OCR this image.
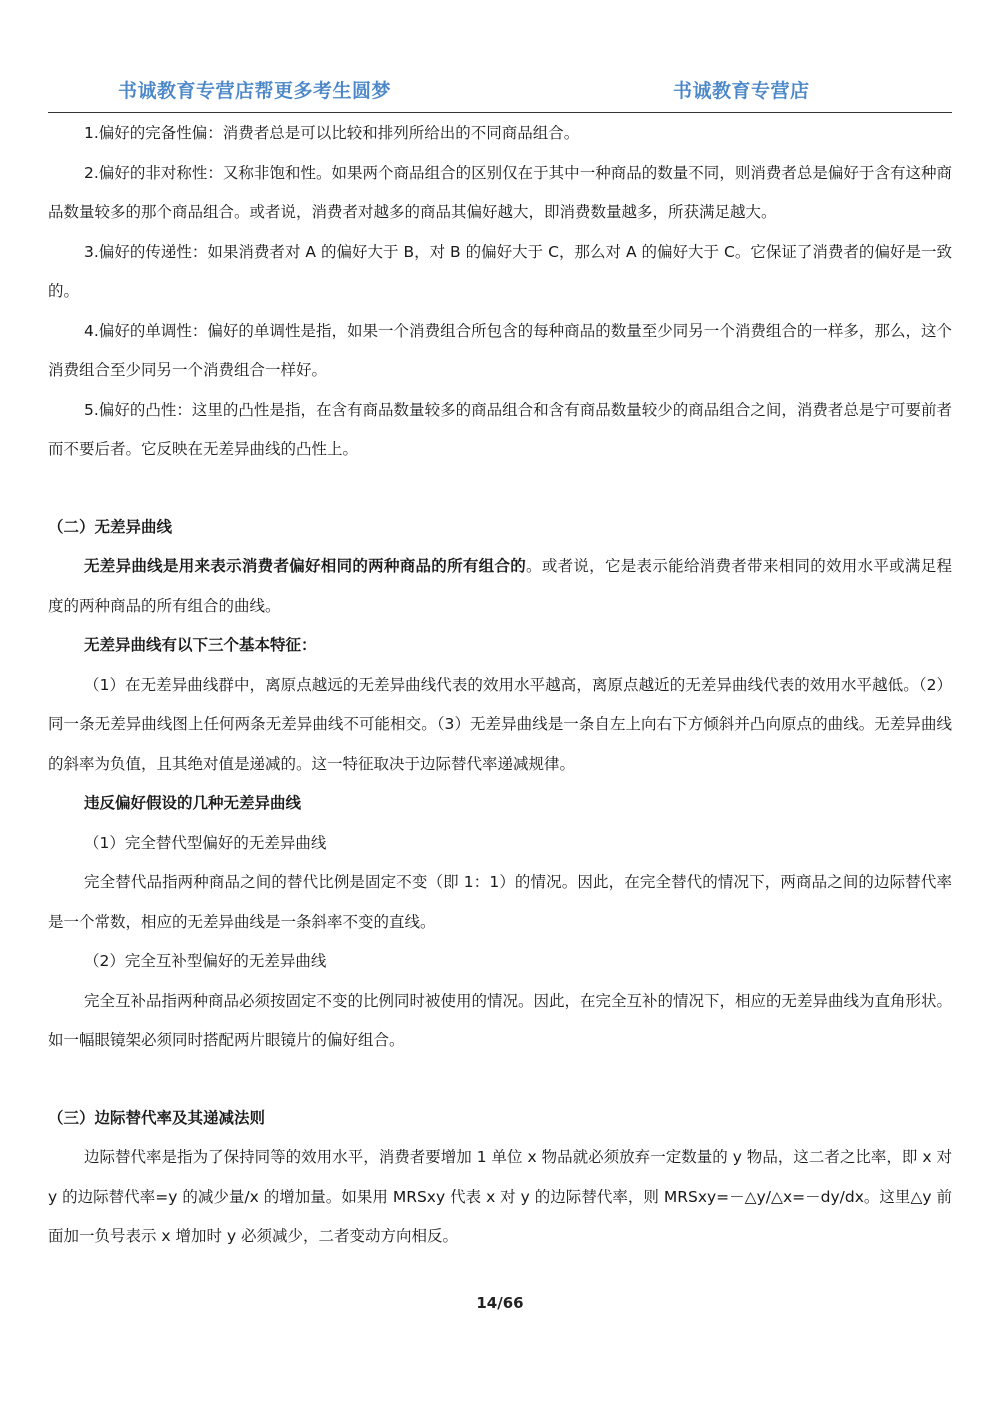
书诚教育专营店帮更多考生圆梦	书诚教育专营店

1.偏好的完备性偏：消费者总是可以比较和排列所给出的不同商品组合。

2.偏好的非对称性：又称非饱和性。如果两个商品组合的区别仅在于其中一种商品的数量不同，则消费者总是偏好于含有这种商品数量较多的那个商品组合。或者说，消费者对越多的商品其偏好越大，即消费数量越多，所获满足越大。

3.偏好的传递性：如果消费者对 A 的偏好大于 B，对 B 的偏好大于 C，那么对 A 的偏好大于 C。它保证了消费者的偏好是一致的。

4.偏好的单调性：偏好的单调性是指，如果一个消费组合所包含的每种商品的数量至少同另一个消费组合的一样多，那么，这个消费组合至少同另一个消费组合一样好。

5.偏好的凸性：这里的凸性是指，在含有商品数量较多的商品组合和含有商品数量较少的商品组合之间，消费者总是宁可要前者而不要后者。它反映在无差异曲线的凸性上。

（二）无差异曲线

无差异曲线是用来表示消费者偏好相同的两种商品的所有组合的。或者说，它是表示能给消费者带来相同的效用水平或满足程度的两种商品的所有组合的曲线。

无差异曲线有以下三个基本特征：

（1）在无差异曲线群中，离原点越远的无差异曲线代表的效用水平越高，离原点越近的无差异曲线代表的效用水平越低。（2）同一条无差异曲线图上任何两条无差异曲线不可能相交。（3）无差异曲线是一条自左上向右下方倾斜并凸向原点的曲线。无差异曲线的斜率为负值，且其绝对值是递减的。这一特征取决于边际替代率递减规律。

违反偏好假设的几种无差异曲线

（1）完全替代型偏好的无差异曲线

完全替代品指两种商品之间的替代比例是固定不变（即 1：1）的情况。因此，在完全替代的情况下，两商品之间的边际替代率是一个常数，相应的无差异曲线是一条斜率不变的直线。

（2）完全互补型偏好的无差异曲线

完全互补品指两种商品必须按固定不变的比例同时被使用的情况。因此，在完全互补的情况下，相应的无差异曲线为直角形状。如一幅眼镜架必须同时搭配两片眼镜片的偏好组合。

（三）边际替代率及其递减法则

边际替代率是指为了保持同等的效用水平，消费者要增加 1 单位 x 物品就必须放弃一定数量的 y 物品，这二者之比率，即 x 对 y 的边际替代率=y 的减少量/x 的增加量。如果用 MRSxy 代表 x 对 y 的边际替代率，则 MRSxy=－△y/△x=－dy/dx。这里△y 前面加一负号表示 x 增加时 y 必须减少，二者变动方向相反。

14/66
